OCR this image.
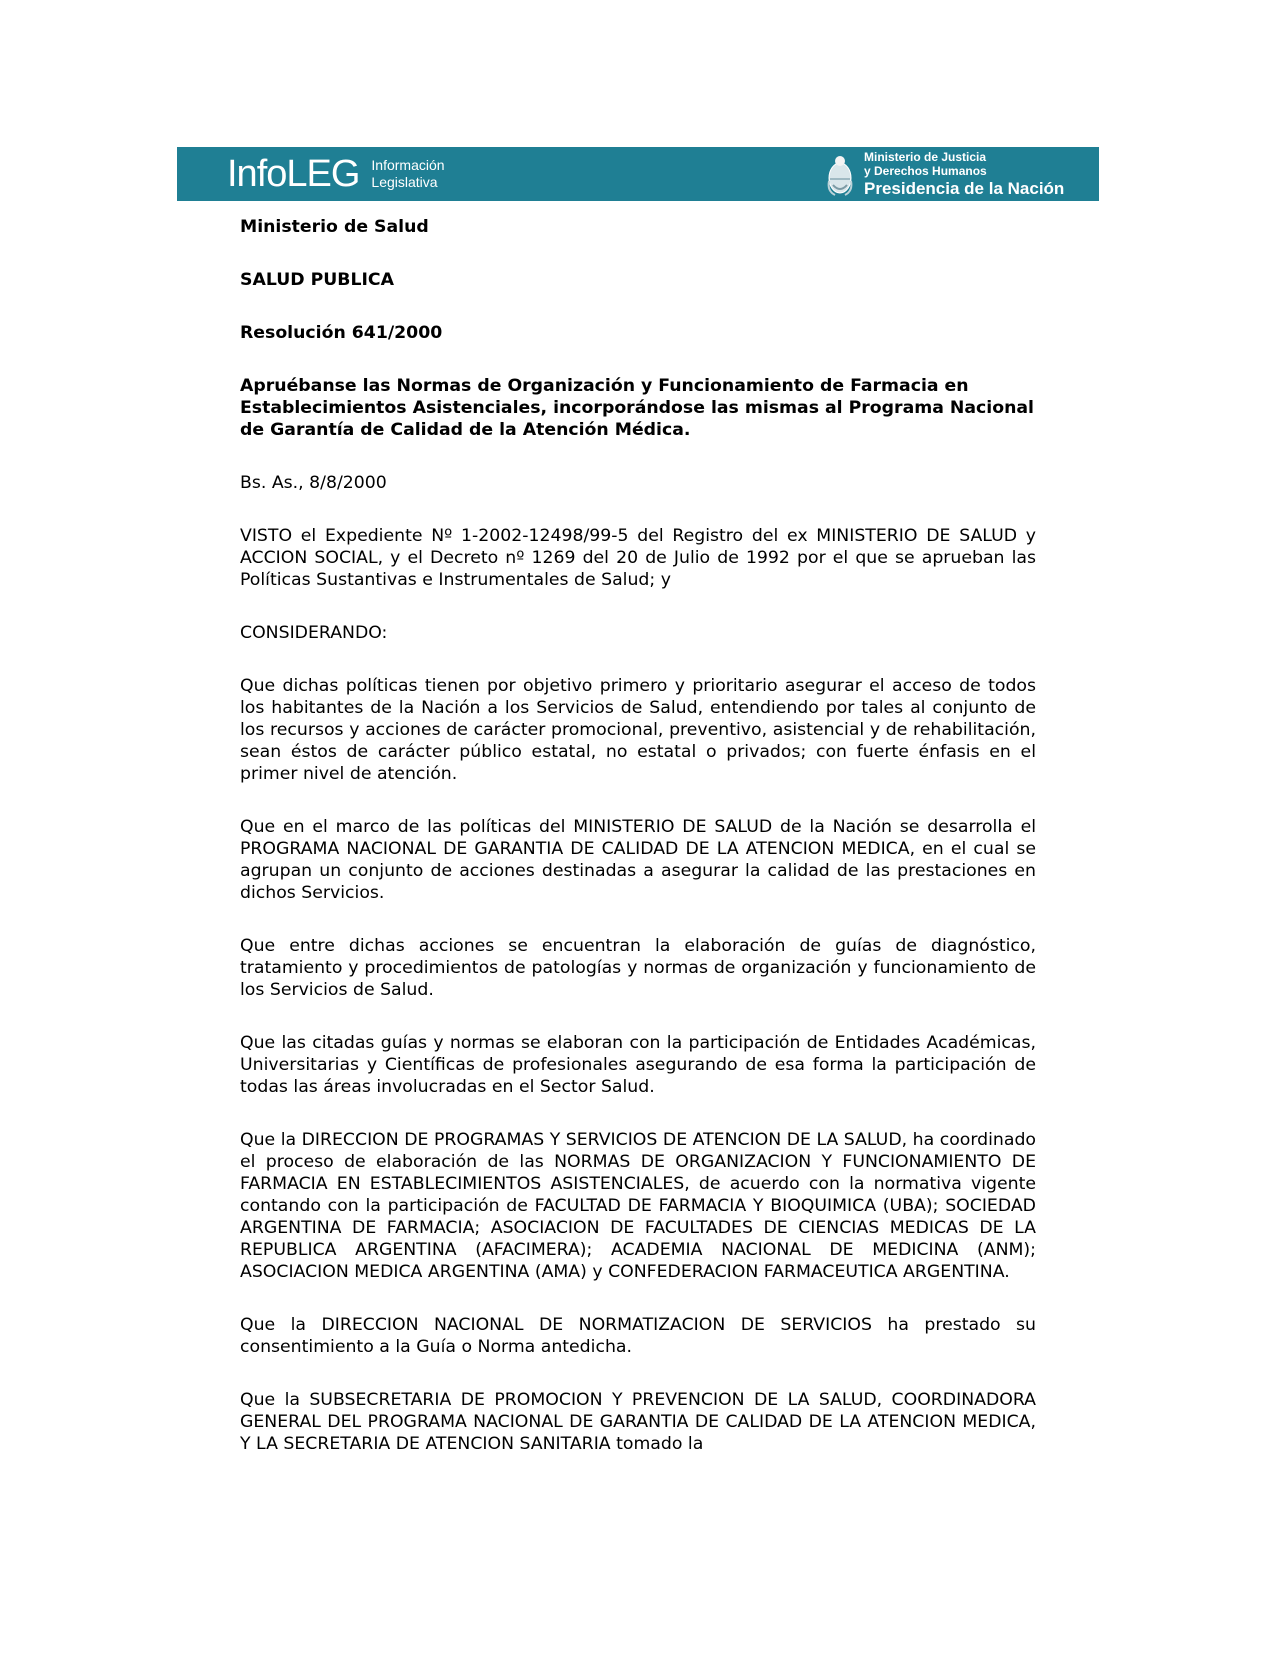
InfoLEG Información
Legislativa
Ministerio de Justicia
y Derechos Humanos
Presidencia de la Nación

Ministerio de Salud

SALUD PUBLICA

Resolución 641/2000

Apruébanse las Normas de Organización y Funcionamiento de Farmacia en Establecimientos Asistenciales, incorporándose las mismas al Programa Nacional de Garantía de Calidad de la Atención Médica.

Bs. As., 8/8/2000

VISTO el Expediente Nº 1-2002-12498/99-5 del Registro del ex MINISTERIO DE SALUD y ACCION SOCIAL, y el Decreto nº 1269 del 20 de Julio de 1992 por el que se aprueban las Políticas Sustantivas e Instrumentales de Salud; y

CONSIDERANDO:

Que dichas políticas tienen por objetivo primero y prioritario asegurar el acceso de todos los habitantes de la Nación a los Servicios de Salud, entendiendo por tales al conjunto de los recursos y acciones de carácter promocional, preventivo, asistencial y de rehabilitación, sean éstos de carácter público estatal, no estatal o privados; con fuerte énfasis en el primer nivel de atención.

Que en el marco de las políticas del MINISTERIO DE SALUD de la Nación se desarrolla el PROGRAMA NACIONAL DE GARANTIA DE CALIDAD DE LA ATENCION MEDICA, en el cual se agrupan un conjunto de acciones destinadas a asegurar la calidad de las prestaciones en dichos Servicios.

Que entre dichas acciones se encuentran la elaboración de guías de diagnóstico, tratamiento y procedimientos de patologías y normas de organización y funcionamiento de los Servicios de Salud.

Que las citadas guías y normas se elaboran con la participación de Entidades Académicas, Universitarias y Científicas de profesionales asegurando de esa forma la participación de todas las áreas involucradas en el Sector Salud.

Que la DIRECCION DE PROGRAMAS Y SERVICIOS DE ATENCION DE LA SALUD, ha coordinado el proceso de elaboración de las NORMAS DE ORGANIZACION Y FUNCIONAMIENTO DE FARMACIA EN ESTABLECIMIENTOS ASISTENCIALES, de acuerdo con la normativa vigente contando con la participación de FACULTAD DE FARMACIA Y BIOQUIMICA (UBA); SOCIEDAD ARGENTINA DE FARMACIA; ASOCIACION DE FACULTADES DE CIENCIAS MEDICAS DE LA REPUBLICA ARGENTINA (AFACIMERA); ACADEMIA NACIONAL DE MEDICINA (ANM); ASOCIACION MEDICA ARGENTINA (AMA) y CONFEDERACION FARMACEUTICA ARGENTINA.

Que la DIRECCION NACIONAL DE NORMATIZACION DE SERVICIOS ha prestado su consentimiento a la Guía o Norma antedicha.

Que la SUBSECRETARIA DE PROMOCION Y PREVENCION DE LA SALUD, COORDINADORA GENERAL DEL PROGRAMA NACIONAL DE GARANTIA DE CALIDAD DE LA ATENCION MEDICA, Y LA SECRETARIA DE ATENCION SANITARIA tomado la
